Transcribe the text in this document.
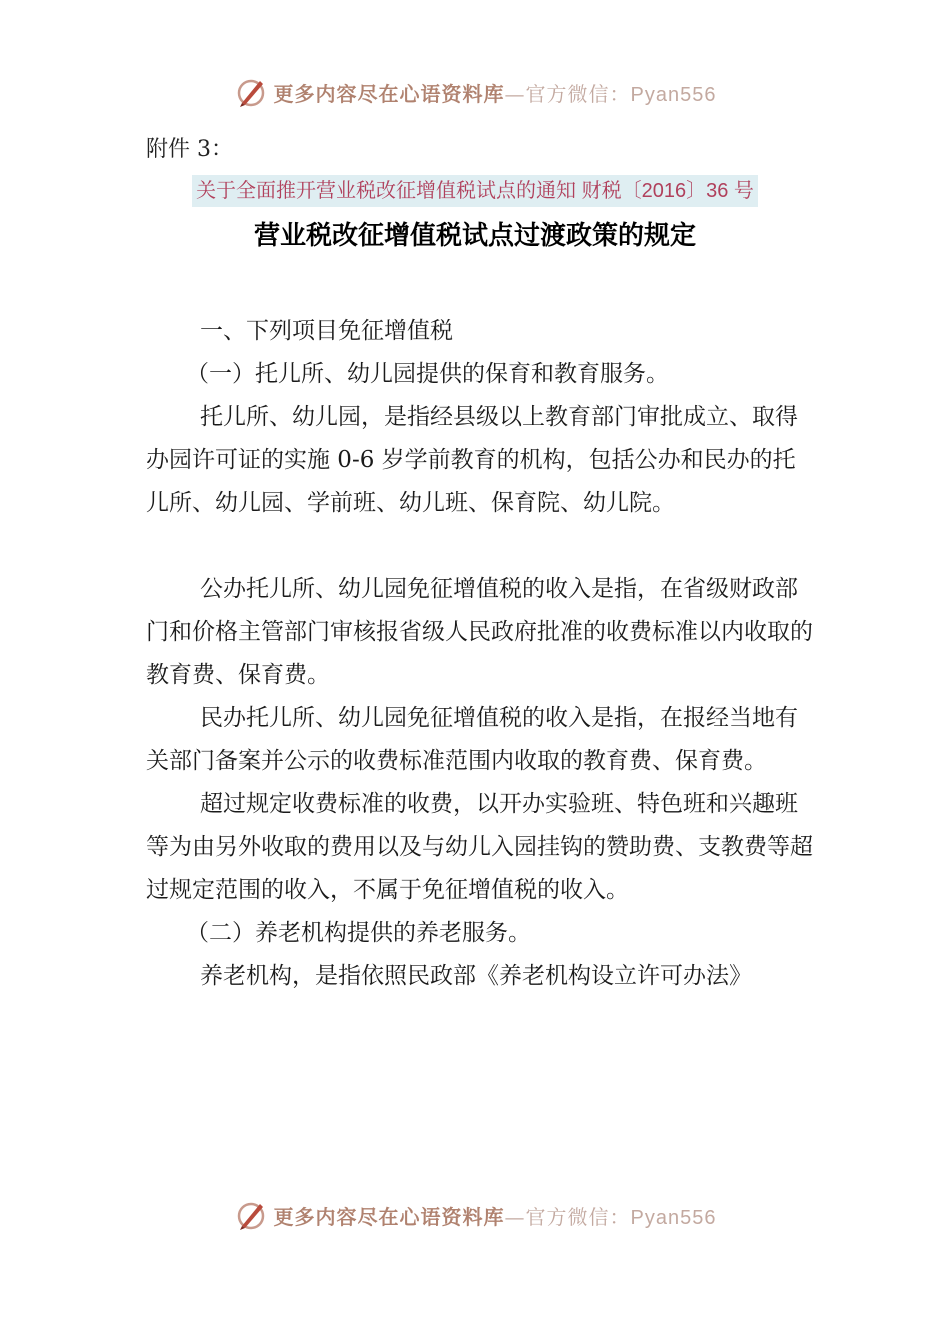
更多内容尽在心语资料库—官方微信：Pyan556
附件 3：
关于全面推开营业税改征增值税试点的通知 财税〔2016〕36 号
营业税改征增值税试点过渡政策的规定

一、下列项目免征增值税

（一）托儿所、幼儿园提供的保育和教育服务。

托儿所、幼儿园，是指经县级以上教育部门审批成立、取得办园许可证的实施 0-6 岁学前教育的机构，包括公办和民办的托儿所、幼儿园、学前班、幼儿班、保育院、幼儿院。

公办托儿所、幼儿园免征增值税的收入是指，在省级财政部门和价格主管部门审核报省级人民政府批准的收费标准以内收取的教育费、保育费。

民办托儿所、幼儿园免征增值税的收入是指，在报经当地有关部门备案并公示的收费标准范围内收取的教育费、保育费。

超过规定收费标准的收费，以开办实验班、特色班和兴趣班等为由另外收取的费用以及与幼儿入园挂钩的赞助费、支教费等超过规定范围的收入，不属于免征增值税的收入。

（二）养老机构提供的养老服务。

养老机构，是指依照民政部《养老机构设立许可办法》

更多内容尽在心语资料库—官方微信：Pyan556
